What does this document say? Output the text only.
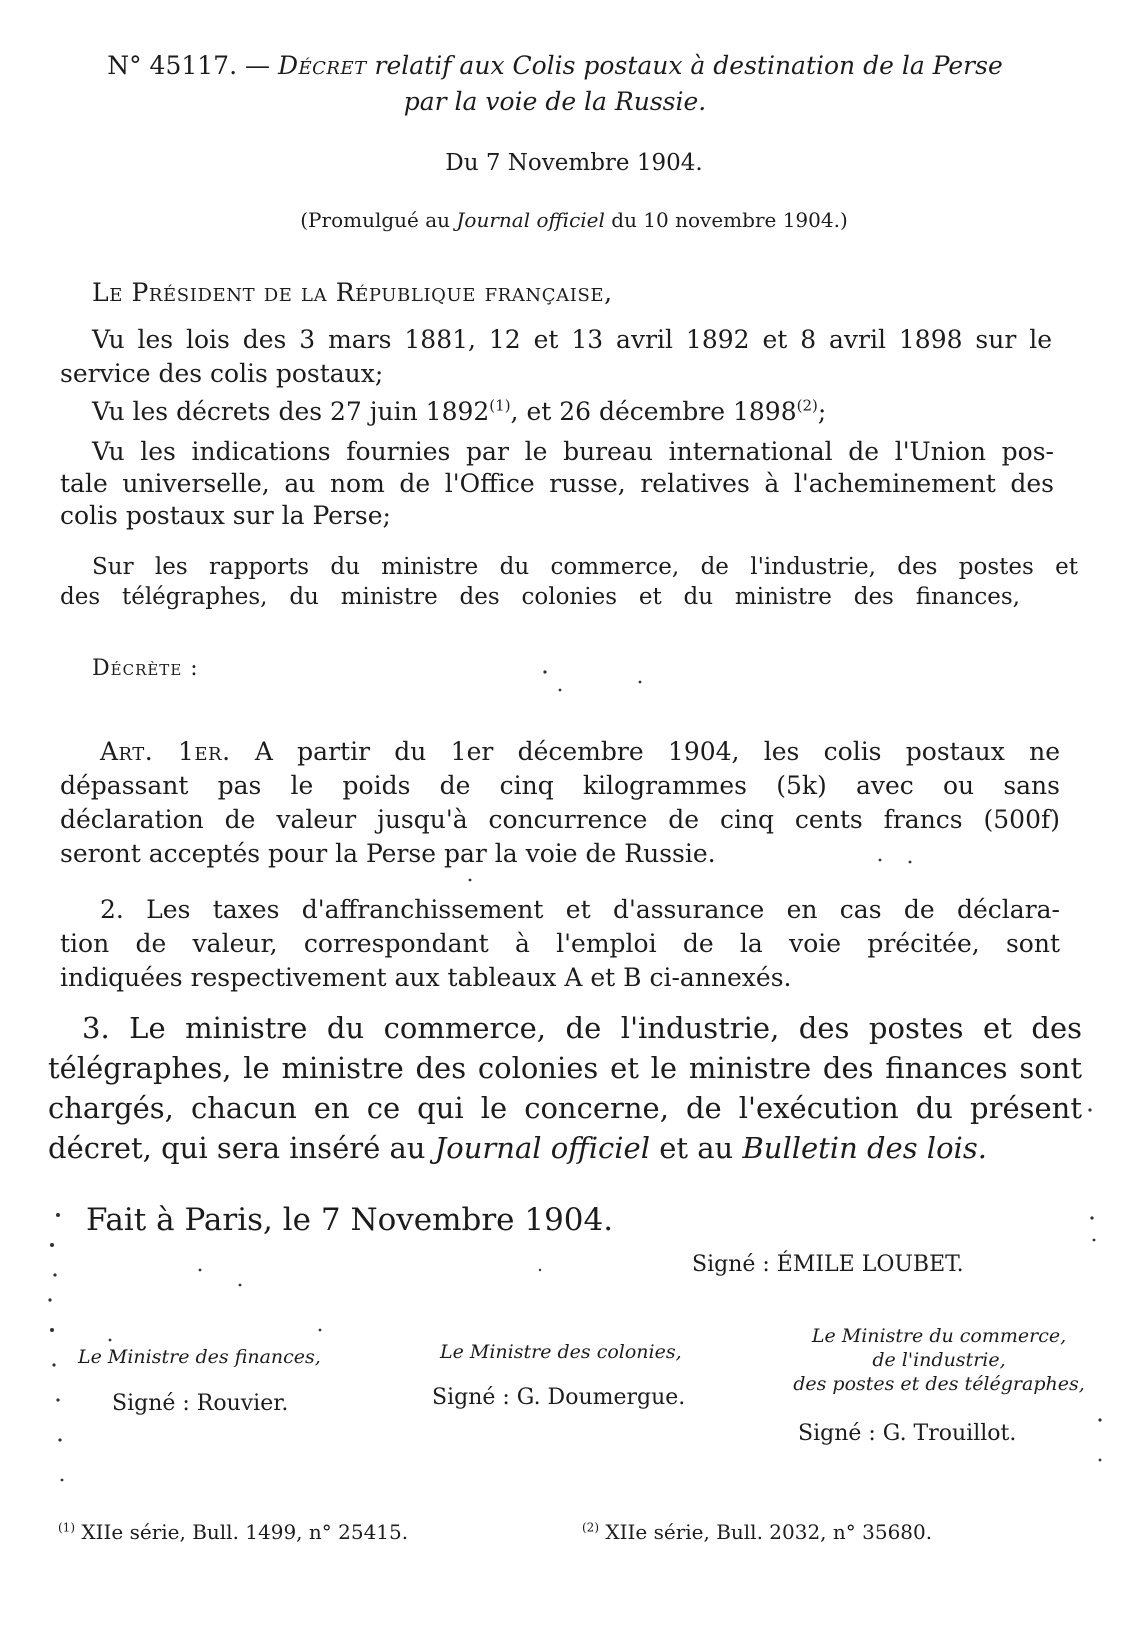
N° 45117. — Décret relatif aux Colis postaux à destination de la Perse
par la voie de la Russie.
Du 7 Novembre 1904.
(Promulgué au Journal officiel du 10 novembre 1904.)
Le Président de la République française,
Vu les lois des 3 mars 1881, 12 et 13 avril 1892 et 8 avril 1898 sur le
service des colis postaux;
Vu les décrets des 27 juin 1892$^{(1)}$, et 26 décembre 1898$^{(2)}$;
Vu les indications fournies par le bureau international de l'Union pos-
tale universelle, au nom de l'Office russe, relatives à l'acheminement des
colis postaux sur la Perse;
Sur les rapports du ministre du commerce, de l'industrie, des postes et
des télégraphes, du ministre des colonies et du ministre des finances,
Décrète :
Art. 1er. A partir du 1er décembre 1904, les colis postaux ne
dépassant pas le poids de cinq kilogrammes (5k) avec ou sans
déclaration de valeur jusqu'à concurrence de cinq cents francs (500f)
seront acceptés pour la Perse par la voie de Russie.
2. Les taxes d'affranchissement et d'assurance en cas de déclara-
tion de valeur, correspondant à l'emploi de la voie précitée, sont
indiquées respectivement aux tableaux A et B ci-annexés.
3. Le ministre du commerce, de l'industrie, des postes et des
télégraphes, le ministre des colonies et le ministre des finances sont
chargés, chacun en ce qui le concerne, de l'exécution du présent
décret, qui sera inséré au Journal officiel et au Bulletin des lois.
Fait à Paris, le 7 Novembre 1904.
Signé : ÉMILE LOUBET.
Le Ministre des finances,
Signé : Rouvier.
Le Ministre des colonies,
Signé : G. Doumergue.
Le Ministre du commerce,
de l'industrie,
des postes et des télégraphes,
Signé : G. Trouillot.
$^{(1)}$ XIIe série, Bull. 1499, n° 25415.	$^{(2)}$ XIIe série, Bull. 2032, n° 35680.
